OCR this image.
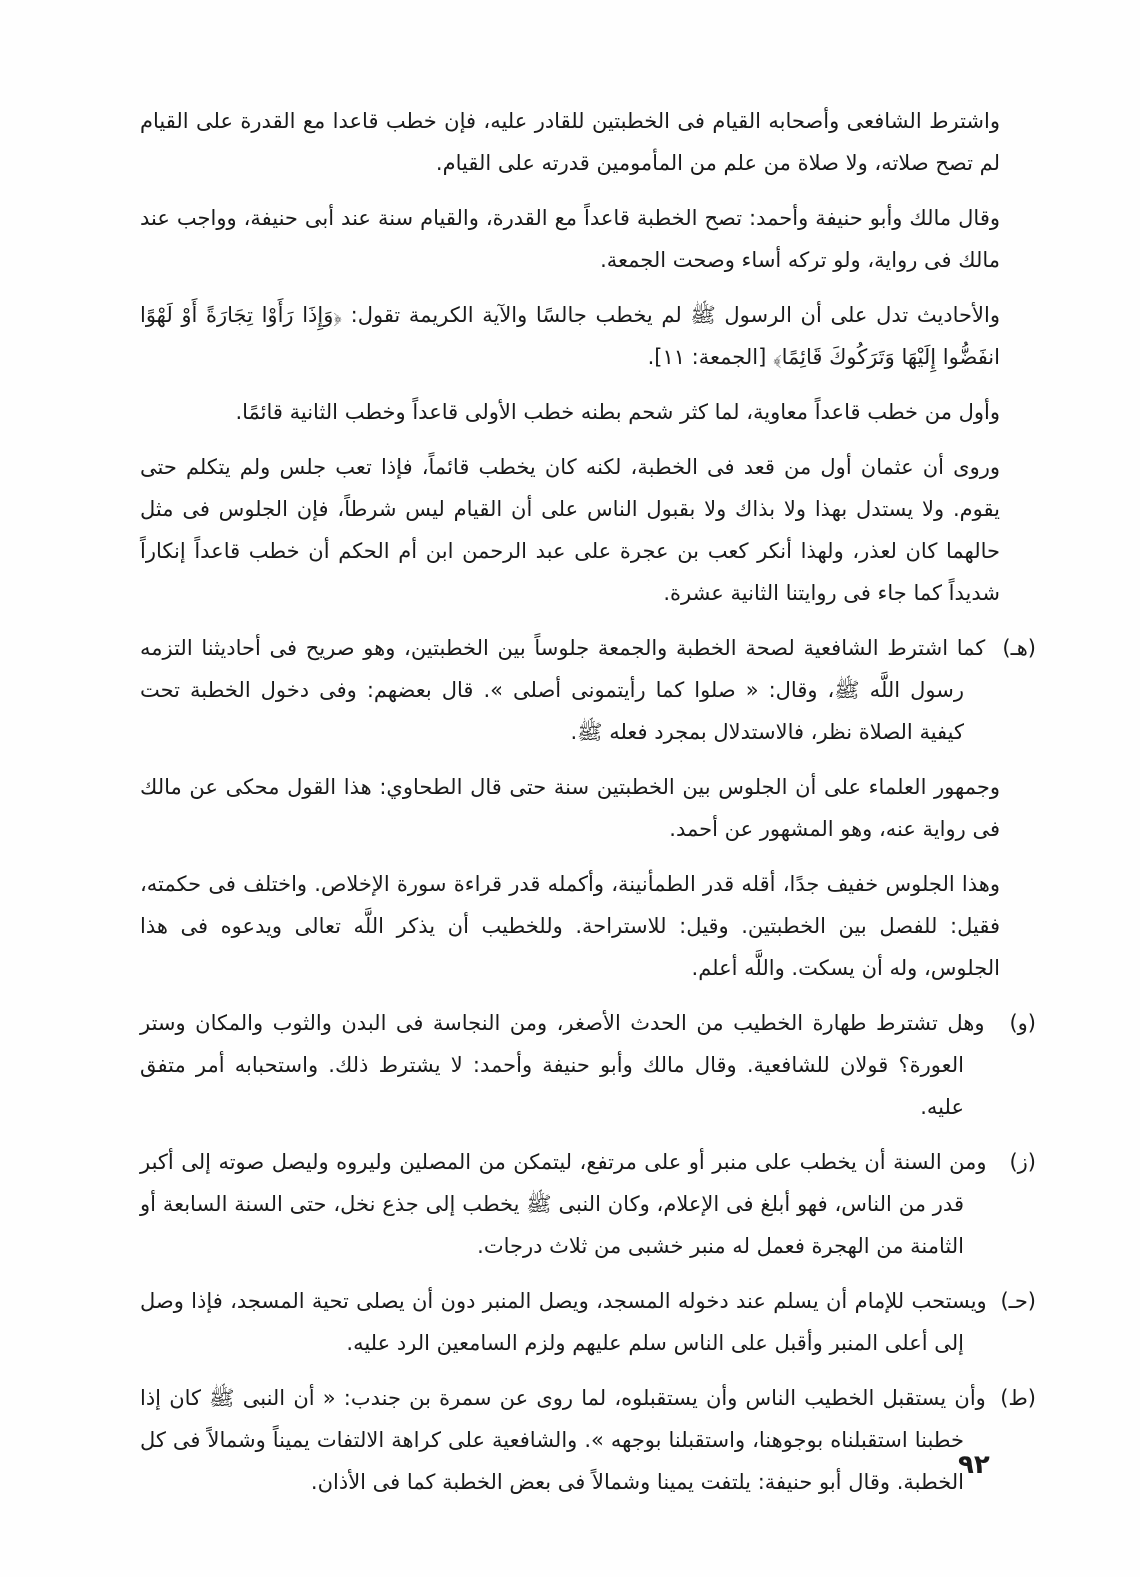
واشترط الشافعى وأصحابه القيام فى الخطبتين للقادر عليه، فإن خطب قاعدا مع القدرة على القيام لم تصح صلاته، ولا صلاة من علم من المأمومين قدرته على القيام.

وقال مالك وأبو حنيفة وأحمد: تصح الخطبة قاعداً مع القدرة، والقيام سنة عند أبى حنيفة، وواجب عند مالك فى رواية، ولو تركه أساء وصحت الجمعة.

والأحاديث تدل على أن الرسول ﷺ لم يخطب جالسًا والآية الكريمة تقول: ﴿وَإِذَا رَأَوْا تِجَارَةً أَوْ لَهْوًا انفَضُّوا إِلَيْهَا وَتَرَكُوكَ قَائِمًا﴾ [الجمعة: ١١].

وأول من خطب قاعداً معاوية، لما كثر شحم بطنه خطب الأولى قاعداً وخطب الثانية قائمًا.

وروى أن عثمان أول من قعد فى الخطبة، لكنه كان يخطب قائماً، فإذا تعب جلس ولم يتكلم حتى يقوم. ولا يستدل بهذا ولا بذاك ولا بقبول الناس على أن القيام ليس شرطاً، فإن الجلوس فى مثل حالهما كان لعذر، ولهذا أنكر كعب بن عجرة على عبد الرحمن ابن أم الحكم أن خطب قاعداً إنكاراً شديداً كما جاء فى روايتنا الثانية عشرة.

(هـ) كما اشترط الشافعية لصحة الخطبة والجمعة جلوساً بين الخطبتين، وهو صريح فى أحاديثنا التزمه رسول اللَّه ﷺ، وقال: « صلوا كما رأيتمونى أصلى ». قال بعضهم: وفى دخول الخطبة تحت كيفية الصلاة نظر، فالاستدلال بمجرد فعله ﷺ.

وجمهور العلماء على أن الجلوس بين الخطبتين سنة حتى قال الطحاوي: هذا القول محكى عن مالك فى رواية عنه، وهو المشهور عن أحمد.

وهذا الجلوس خفيف جدًا، أقله قدر الطمأنينة، وأكمله قدر قراءة سورة الإخلاص. واختلف فى حكمته، فقيل: للفصل بين الخطبتين. وقيل: للاستراحة. وللخطيب أن يذكر اللَّه تعالى ويدعوه فى هذا الجلوس، وله أن يسكت. واللَّه أعلم.

(و) وهل تشترط طهارة الخطيب من الحدث الأصغر، ومن النجاسة فى البدن والثوب والمكان وستر العورة؟ قولان للشافعية. وقال مالك وأبو حنيفة وأحمد: لا يشترط ذلك. واستحبابه أمر متفق عليه.
(ز) ومن السنة أن يخطب على منبر أو على مرتفع، ليتمكن من المصلين وليروه وليصل صوته إلى أكبر قدر من الناس، فهو أبلغ فى الإعلام، وكان النبى ﷺ يخطب إلى جذع نخل، حتى السنة السابعة أو الثامنة من الهجرة فعمل له منبر خشبى من ثلاث درجات.
(حـ) ويستحب للإمام أن يسلم عند دخوله المسجد، ويصل المنبر دون أن يصلى تحية المسجد، فإذا وصل إلى أعلى المنبر وأقبل على الناس سلم عليهم ولزم السامعين الرد عليه.
(ط) وأن يستقبل الخطيب الناس وأن يستقبلوه، لما روى عن سمرة بن جندب: « أن النبى ﷺ كان إذا خطبنا استقبلناه بوجوهنا، واستقبلنا بوجهه ». والشافعية على كراهة الالتفات يميناً وشمالاً فى كل الخطبة. وقال أبو حنيفة: يلتفت يمينا وشمالاً فى بعض الخطبة كما فى الأذان.
٩٢
